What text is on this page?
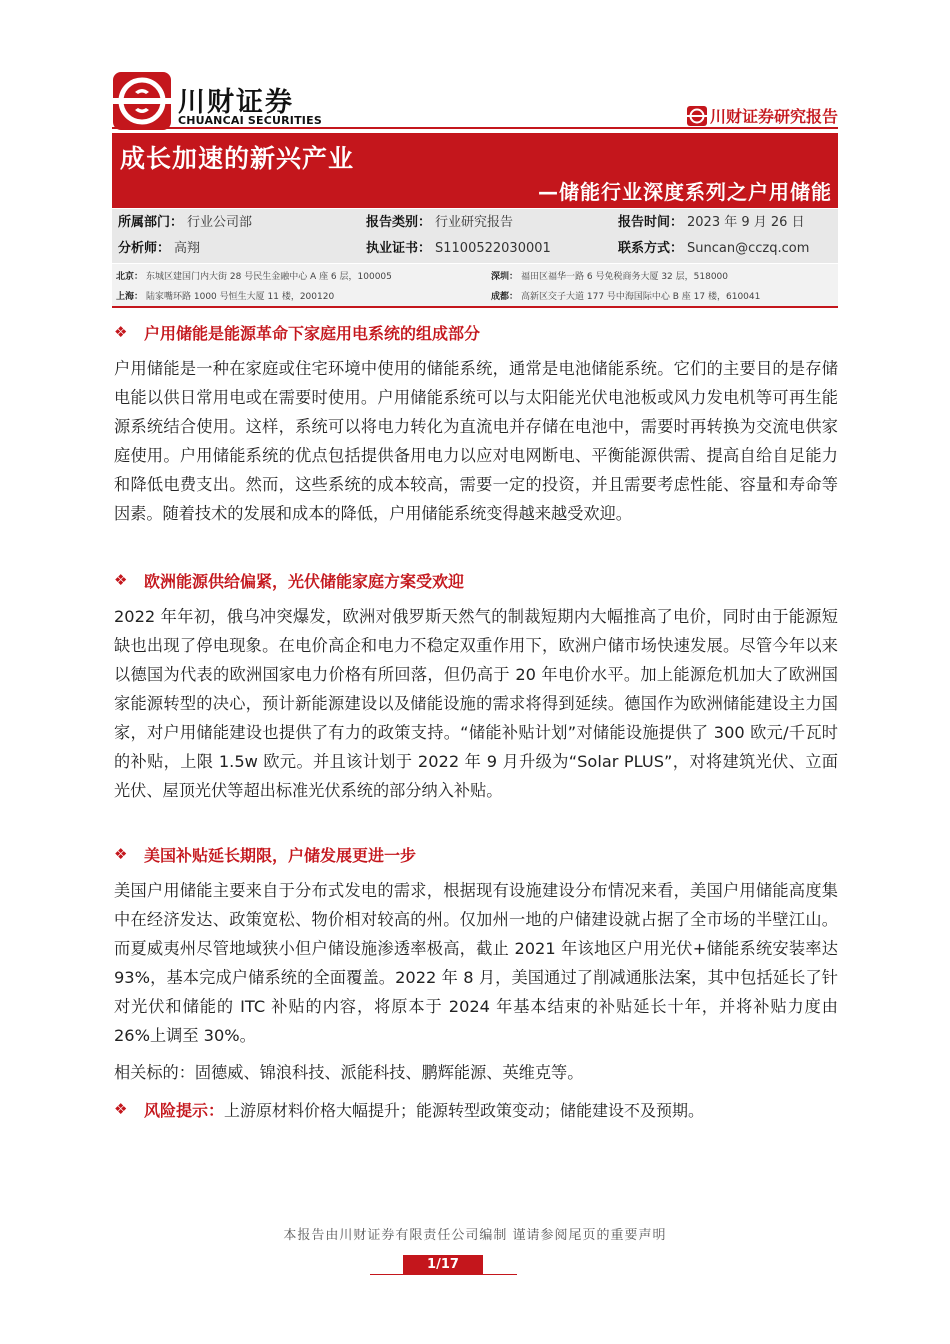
川财证券
CHUANCAI SECURITIES	川财证券研究报告
成长加速的新兴产业
—储能行业深度系列之户用储能
所属部门： 行业公司部	报告类别： 行业研究报告	报告时间： 2023 年 9 月 26 日
分析师： 高翔	执业证书： S1100522030001	联系方式： Suncan@cczq.com
北京： 东城区建国门内大街 28 号民生金融中心 A 座 6 层，100005	深圳： 福田区福华一路 6 号免税商务大厦 32 层，518000
上海： 陆家嘴环路 1000 号恒生大厦 11 楼，200120	成都： 高新区交子大道 177 号中海国际中心 B 座 17 楼，610041
❖	户用储能是能源革命下家庭用电系统的组成部分

户用储能是一种在家庭或住宅环境中使用的储能系统，通常是电池储能系统。它们的主要目的是存储电能以供日常用电或在需要时使用。户用储能系统可以与太阳能光伏电池板或风力发电机等可再生能源系统结合使用。这样，系统可以将电力转化为直流电并存储在电池中，需要时再转换为交流电供家庭使用。户用储能系统的优点包括提供备用电力以应对电网断电、平衡能源供需、提高自给自足能力和降低电费支出。然而，这些系统的成本较高，需要一定的投资，并且需要考虑性能、容量和寿命等因素。随着技术的发展和成本的降低，户用储能系统变得越来越受欢迎。

❖	欧洲能源供给偏紧，光伏储能家庭方案受欢迎

2022 年年初，俄乌冲突爆发，欧洲对俄罗斯天然气的制裁短期内大幅推高了电价，同时由于能源短缺也出现了停电现象。在电价高企和电力不稳定双重作用下，欧洲户储市场快速发展。尽管今年以来以德国为代表的欧洲国家电力价格有所回落，但仍高于 20 年电价水平。加上能源危机加大了欧洲国家能源转型的决心，预计新能源建设以及储能设施的需求将得到延续。德国作为欧洲储能建设主力国家，对户用储能建设也提供了有力的政策支持。“储能补贴计划”对储能设施提供了 300 欧元/千瓦时的补贴，上限 1.5w 欧元。并且该计划于 2022 年 9 月升级为“Solar PLUS”，对将建筑光伏、立面光伏、屋顶光伏等超出标准光伏系统的部分纳入补贴。

❖	美国补贴延长期限，户储发展更进一步

美国户用储能主要来自于分布式发电的需求，根据现有设施建设分布情况来看，美国户用储能高度集中在经济发达、政策宽松、物价相对较高的州。仅加州一地的户储建设就占据了全市场的半壁江山。而夏威夷州尽管地域狭小但户储设施渗透率极高，截止 2021 年该地区户用光伏+储能系统安装率达 93%，基本完成户储系统的全面覆盖。2022 年 8 月，美国通过了削减通胀法案，其中包括延长了针对光伏和储能的 ITC 补贴的内容，将原本于 2024 年基本结束的补贴延长十年，并将补贴力度由 26%上调至 30%。

相关标的：固德威、锦浪科技、派能科技、鹏辉能源、英维克等。

❖	风险提示： 上游原材料价格大幅提升；能源转型政策变动；储能建设不及预期。
本报告由川财证券有限责任公司编制 谨请参阅尾页的重要声明
1/17
